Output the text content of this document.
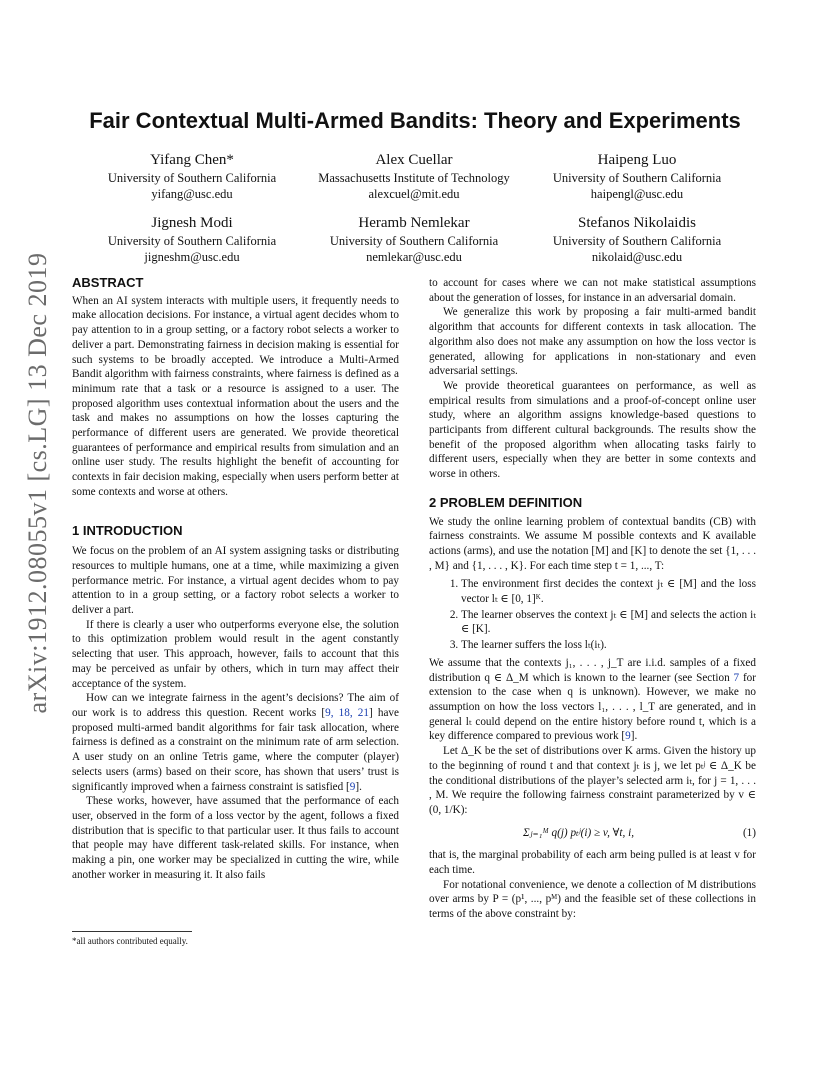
arXiv:1912.08055v1 [cs.LG] 13 Dec 2019
Fair Contextual Multi-Armed Bandits: Theory and Experiments
Yifang Chen*
University of Southern California
yifang@usc.edu
Alex Cuellar
Massachusetts Institute of Technology
alexcuel@mit.edu
Haipeng Luo
University of Southern California
haipengl@usc.edu
Jignesh Modi
University of Southern California
jigneshm@usc.edu
Heramb Nemlekar
University of Southern California
nemlekar@usc.edu
Stefanos Nikolaidis
University of Southern California
nikolaid@usc.edu

ABSTRACT

When an AI system interacts with multiple users, it frequently needs to make allocation decisions. For instance, a virtual agent decides whom to pay attention to in a group setting, or a factory robot selects a worker to deliver a part. Demonstrating fairness in decision making is essential for such systems to be broadly accepted. We introduce a Multi-Armed Bandit algorithm with fairness constraints, where fairness is defined as a minimum rate that a task or a resource is assigned to a user. The proposed algorithm uses contextual information about the users and the task and makes no assumptions on how the losses capturing the performance of different users are generated. We provide theoretical guarantees of performance and empirical results from simulation and an online user study. The results highlight the benefit of accounting for contexts in fair decision making, especially when users perform better at some contexts and worse at others.

1 INTRODUCTION

We focus on the problem of an AI system assigning tasks or distributing resources to multiple humans, one at a time, while maximizing a given performance metric. For instance, a virtual agent decides whom to pay attention to in a group setting, or a factory robot selects a worker to deliver a part.

If there is clearly a user who outperforms everyone else, the solution to this optimization problem would result in the agent constantly selecting that user. This approach, however, fails to account that this may be perceived as unfair by others, which in turn may affect their acceptance of the system.

How can we integrate fairness in the agent’s decisions? The aim of our work is to address this question. Recent works [9, 18, 21] have proposed multi-armed bandit algorithms for fair task allocation, where fairness is defined as a constraint on the minimum rate of arm selection. A user study on an online Tetris game, where the computer (player) selects users (arms) based on their score, has shown that users’ trust is significantly improved when a fairness constraint is satisfied [9].

These works, however, have assumed that the performance of each user, observed in the form of a loss vector by the agent, follows a fixed distribution that is specific to that particular user. It thus fails to account that people may have different task-related skills. For instance, when making a pin, one worker may be specialized in cutting the wire, while another worker in measuring it. It also fails

*all authors contributed equally.

to account for cases where we can not make statistical assumptions about the generation of losses, for instance in an adversarial domain.

We generalize this work by proposing a fair multi-armed bandit algorithm that accounts for different contexts in task allocation. The algorithm also does not make any assumption on how the loss vector is generated, allowing for applications in non-stationary and even adversarial settings.

We provide theoretical guarantees on performance, as well as empirical results from simulations and a proof-of-concept online user study, where an algorithm assigns knowledge-based questions to participants from different cultural backgrounds. The results show the benefit of the proposed algorithm when allocating tasks fairly to different users, especially when they are better in some contexts and worse in others.

2 PROBLEM DEFINITION

We study the online learning problem of contextual bandits (CB) with fairness constraints. We assume M possible contexts and K available actions (arms), and use the notation [M] and [K] to denote the set {1, . . . , M} and {1, . . . , K}. For each time step t = 1, ..., T:

1. The environment first decides the context jₜ ∈ [M] and the loss vector lₜ ∈ [0, 1]ᴷ.
2. The learner observes the context jₜ ∈ [M] and selects the action iₜ ∈ [K].
3. The learner suffers the loss lₜ(iₜ).

We assume that the contexts j₁, . . . , j_T are i.i.d. samples of a fixed distribution q ∈ Δ_M which is known to the learner (see Section 7 for extension to the case when q is unknown). However, we make no assumption on how the loss vectors l₁, . . . , l_T are generated, and in general lₜ could depend on the entire history before round t, which is a key difference compared to previous work [9].

Let Δ_K be the set of distributions over K arms. Given the history up to the beginning of round t and that context jₜ is j, we let pₜʲ ∈ Δ_K be the conditional distributions of the player’s selected arm iₜ, for j = 1, . . . , M. We require the following fairness constraint parameterized by v ∈ (0, 1/K):

Σⱼ₌₁ᴹ q(j) pₜʲ(i) ≥ v, ∀t, i,	(1)

that is, the marginal probability of each arm being pulled is at least v for each time.

For notational convenience, we denote a collection of M distributions over arms by P = (p¹, ..., pᴹ) and the feasible set of these collections in terms of the above constraint by:
